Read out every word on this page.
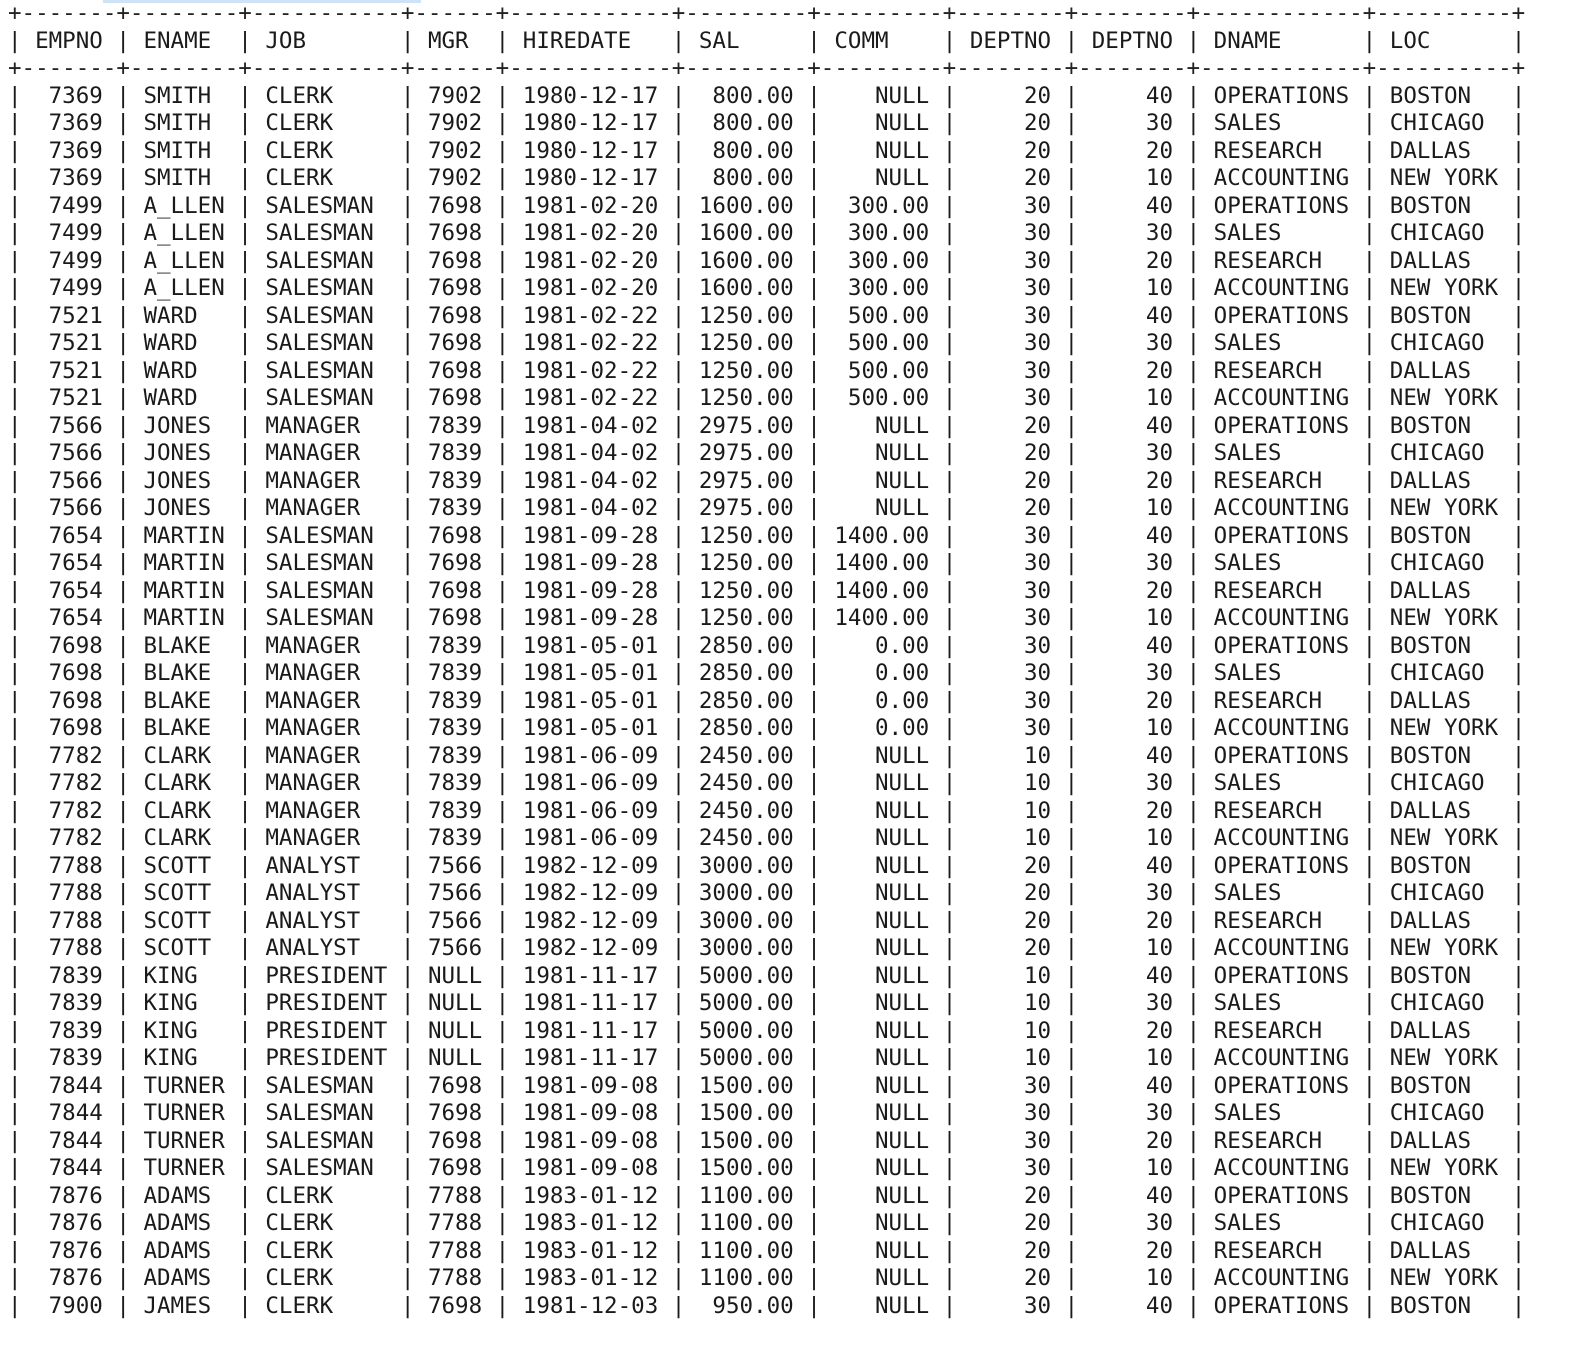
+-------+--------+-----------+------+------------+---------+---------+--------+--------+------------+----------+
| EMPNO | ENAME  | JOB       | MGR  | HIREDATE   | SAL     | COMM    | DEPTNO | DEPTNO | DNAME      | LOC      |
+-------+--------+-----------+------+------------+---------+---------+--------+--------+------------+----------+
|  7369 | SMITH  | CLERK     | 7902 | 1980-12-17 |  800.00 |    NULL |     20 |     40 | OPERATIONS | BOSTON   |
|  7369 | SMITH  | CLERK     | 7902 | 1980-12-17 |  800.00 |    NULL |     20 |     30 | SALES      | CHICAGO  |
|  7369 | SMITH  | CLERK     | 7902 | 1980-12-17 |  800.00 |    NULL |     20 |     20 | RESEARCH   | DALLAS   |
|  7369 | SMITH  | CLERK     | 7902 | 1980-12-17 |  800.00 |    NULL |     20 |     10 | ACCOUNTING | NEW YORK |
|  7499 | A_LLEN | SALESMAN  | 7698 | 1981-02-20 | 1600.00 |  300.00 |     30 |     40 | OPERATIONS | BOSTON   |
|  7499 | A_LLEN | SALESMAN  | 7698 | 1981-02-20 | 1600.00 |  300.00 |     30 |     30 | SALES      | CHICAGO  |
|  7499 | A_LLEN | SALESMAN  | 7698 | 1981-02-20 | 1600.00 |  300.00 |     30 |     20 | RESEARCH   | DALLAS   |
|  7499 | A_LLEN | SALESMAN  | 7698 | 1981-02-20 | 1600.00 |  300.00 |     30 |     10 | ACCOUNTING | NEW YORK |
|  7521 | WARD   | SALESMAN  | 7698 | 1981-02-22 | 1250.00 |  500.00 |     30 |     40 | OPERATIONS | BOSTON   |
|  7521 | WARD   | SALESMAN  | 7698 | 1981-02-22 | 1250.00 |  500.00 |     30 |     30 | SALES      | CHICAGO  |
|  7521 | WARD   | SALESMAN  | 7698 | 1981-02-22 | 1250.00 |  500.00 |     30 |     20 | RESEARCH   | DALLAS   |
|  7521 | WARD   | SALESMAN  | 7698 | 1981-02-22 | 1250.00 |  500.00 |     30 |     10 | ACCOUNTING | NEW YORK |
|  7566 | JONES  | MANAGER   | 7839 | 1981-04-02 | 2975.00 |    NULL |     20 |     40 | OPERATIONS | BOSTON   |
|  7566 | JONES  | MANAGER   | 7839 | 1981-04-02 | 2975.00 |    NULL |     20 |     30 | SALES      | CHICAGO  |
|  7566 | JONES  | MANAGER   | 7839 | 1981-04-02 | 2975.00 |    NULL |     20 |     20 | RESEARCH   | DALLAS   |
|  7566 | JONES  | MANAGER   | 7839 | 1981-04-02 | 2975.00 |    NULL |     20 |     10 | ACCOUNTING | NEW YORK |
|  7654 | MARTIN | SALESMAN  | 7698 | 1981-09-28 | 1250.00 | 1400.00 |     30 |     40 | OPERATIONS | BOSTON   |
|  7654 | MARTIN | SALESMAN  | 7698 | 1981-09-28 | 1250.00 | 1400.00 |     30 |     30 | SALES      | CHICAGO  |
|  7654 | MARTIN | SALESMAN  | 7698 | 1981-09-28 | 1250.00 | 1400.00 |     30 |     20 | RESEARCH   | DALLAS   |
|  7654 | MARTIN | SALESMAN  | 7698 | 1981-09-28 | 1250.00 | 1400.00 |     30 |     10 | ACCOUNTING | NEW YORK |
|  7698 | BLAKE  | MANAGER   | 7839 | 1981-05-01 | 2850.00 |    0.00 |     30 |     40 | OPERATIONS | BOSTON   |
|  7698 | BLAKE  | MANAGER   | 7839 | 1981-05-01 | 2850.00 |    0.00 |     30 |     30 | SALES      | CHICAGO  |
|  7698 | BLAKE  | MANAGER   | 7839 | 1981-05-01 | 2850.00 |    0.00 |     30 |     20 | RESEARCH   | DALLAS   |
|  7698 | BLAKE  | MANAGER   | 7839 | 1981-05-01 | 2850.00 |    0.00 |     30 |     10 | ACCOUNTING | NEW YORK |
|  7782 | CLARK  | MANAGER   | 7839 | 1981-06-09 | 2450.00 |    NULL |     10 |     40 | OPERATIONS | BOSTON   |
|  7782 | CLARK  | MANAGER   | 7839 | 1981-06-09 | 2450.00 |    NULL |     10 |     30 | SALES      | CHICAGO  |
|  7782 | CLARK  | MANAGER   | 7839 | 1981-06-09 | 2450.00 |    NULL |     10 |     20 | RESEARCH   | DALLAS   |
|  7782 | CLARK  | MANAGER   | 7839 | 1981-06-09 | 2450.00 |    NULL |     10 |     10 | ACCOUNTING | NEW YORK |
|  7788 | SCOTT  | ANALYST   | 7566 | 1982-12-09 | 3000.00 |    NULL |     20 |     40 | OPERATIONS | BOSTON   |
|  7788 | SCOTT  | ANALYST   | 7566 | 1982-12-09 | 3000.00 |    NULL |     20 |     30 | SALES      | CHICAGO  |
|  7788 | SCOTT  | ANALYST   | 7566 | 1982-12-09 | 3000.00 |    NULL |     20 |     20 | RESEARCH   | DALLAS   |
|  7788 | SCOTT  | ANALYST   | 7566 | 1982-12-09 | 3000.00 |    NULL |     20 |     10 | ACCOUNTING | NEW YORK |
|  7839 | KING   | PRESIDENT | NULL | 1981-11-17 | 5000.00 |    NULL |     10 |     40 | OPERATIONS | BOSTON   |
|  7839 | KING   | PRESIDENT | NULL | 1981-11-17 | 5000.00 |    NULL |     10 |     30 | SALES      | CHICAGO  |
|  7839 | KING   | PRESIDENT | NULL | 1981-11-17 | 5000.00 |    NULL |     10 |     20 | RESEARCH   | DALLAS   |
|  7839 | KING   | PRESIDENT | NULL | 1981-11-17 | 5000.00 |    NULL |     10 |     10 | ACCOUNTING | NEW YORK |
|  7844 | TURNER | SALESMAN  | 7698 | 1981-09-08 | 1500.00 |    NULL |     30 |     40 | OPERATIONS | BOSTON   |
|  7844 | TURNER | SALESMAN  | 7698 | 1981-09-08 | 1500.00 |    NULL |     30 |     30 | SALES      | CHICAGO  |
|  7844 | TURNER | SALESMAN  | 7698 | 1981-09-08 | 1500.00 |    NULL |     30 |     20 | RESEARCH   | DALLAS   |
|  7844 | TURNER | SALESMAN  | 7698 | 1981-09-08 | 1500.00 |    NULL |     30 |     10 | ACCOUNTING | NEW YORK |
|  7876 | ADAMS  | CLERK     | 7788 | 1983-01-12 | 1100.00 |    NULL |     20 |     40 | OPERATIONS | BOSTON   |
|  7876 | ADAMS  | CLERK     | 7788 | 1983-01-12 | 1100.00 |    NULL |     20 |     30 | SALES      | CHICAGO  |
|  7876 | ADAMS  | CLERK     | 7788 | 1983-01-12 | 1100.00 |    NULL |     20 |     20 | RESEARCH   | DALLAS   |
|  7876 | ADAMS  | CLERK     | 7788 | 1983-01-12 | 1100.00 |    NULL |     20 |     10 | ACCOUNTING | NEW YORK |
|  7900 | JAMES  | CLERK     | 7698 | 1981-12-03 |  950.00 |    NULL |     30 |     40 | OPERATIONS | BOSTON   |
